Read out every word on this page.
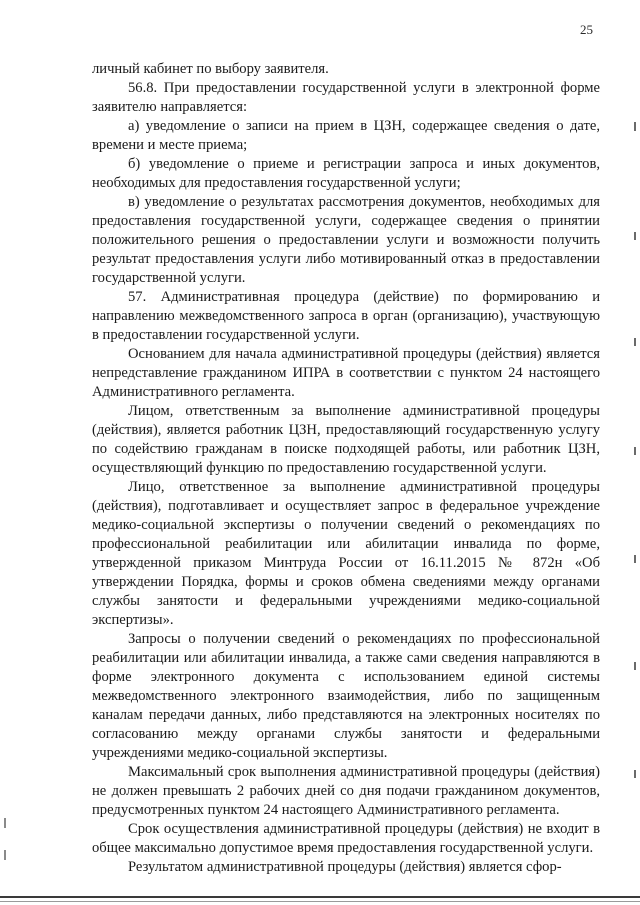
25

личный кабинет по выбору заявителя.

56.8. При предоставлении государственной услуги в электронной форме заявителю направляется:

а) уведомление о записи на прием в ЦЗН, содержащее сведения о дате, времени и месте приема;

б) уведомление о приеме и регистрации запроса и иных документов, необходимых для предоставления государственной услуги;

в) уведомление о результатах рассмотрения документов, необходимых для предоставления государственной услуги, содержащее сведения о принятии положительного решения о предоставлении услуги и возможности получить результат предоставления услуги либо мотивированный отказ в предоставлении государственной услуги.

57. Административная процедура (действие) по формированию и направлению межведомственного запроса в орган (организацию), участвующую в предоставлении государственной услуги.

Основанием для начала административной процедуры (действия) является непредставление гражданином ИПРА в соответствии с пунктом 24 настоящего Административного регламента.

Лицом, ответственным за выполнение административной процедуры (действия), является работник ЦЗН, предоставляющий государственную услугу по содействию гражданам в поиске подходящей работы, или работник ЦЗН, осуществляющий функцию по предоставлению государственной услуги.

Лицо, ответственное за выполнение административной процедуры (действия), подготавливает и осуществляет запрос в федеральное учреждение медико-социальной экспертизы о получении сведений о рекомендациях по профессиональной реабилитации или абилитации инвалида по форме, утвержденной приказом Минтруда России от 16.11.2015 № 872н «Об утверждении Порядка, формы и сроков обмена сведениями между органами службы занятости и федеральными учреждениями медико-социальной экспертизы».

Запросы о получении сведений о рекомендациях по профессиональной реабилитации или абилитации инвалида, а также сами сведения направляются в форме электронного документа с использованием единой системы межведомственного электронного взаимодействия, либо по защищенным каналам передачи данных, либо представляются на электронных носителях по согласованию между органами службы занятости и федеральными учреждениями медико-социальной экспертизы.

Максимальный срок выполнения административной процедуры (действия) не должен превышать 2 рабочих дней со дня подачи гражданином документов, предусмотренных пунктом 24 настоящего Административного регламента.

Срок осуществления административной процедуры (действия) не входит в общее максимально допустимое время предоставления государственной услуги.

Результатом административной процедуры (действия) является сфор-
